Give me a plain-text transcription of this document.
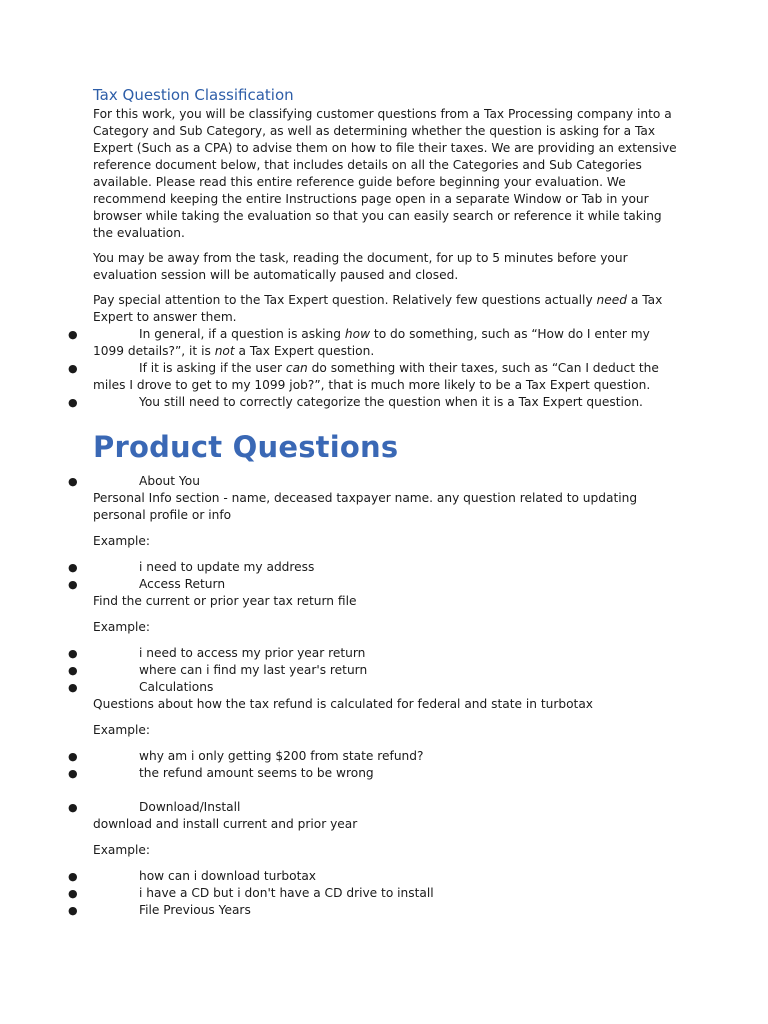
Tax Question Classification

For this work, you will be classifying customer questions from a Tax Processing company into a Category and Sub Category, as well as determining whether the question is asking for a Tax Expert (Such as a CPA) to advise them on how to file their taxes. We are providing an extensive reference document below, that includes details on all the Categories and Sub Categories available. Please read this entire reference guide before beginning your evaluation. We recommend keeping the entire Instructions page open in a separate Window or Tab in your browser while taking the evaluation so that you can easily search or reference it while taking the evaluation.

You may be away from the task, reading the document, for up to 5 minutes before your evaluation session will be automatically paused and closed.

Pay special attention to the Tax Expert question. Relatively few questions actually need a Tax Expert to answer them.

●	In general, if a question is asking how to do something, such as “How do I enter my 1099 details?”, it is not a Tax Expert question.
●	If it is asking if the user can do something with their taxes, such as “Can I deduct the miles I drove to get to my 1099 job?”, that is much more likely to be a Tax Expert question.
●	You still need to correctly categorize the question when it is a Tax Expert question.
Product Questions
●	About You
Personal Info section - name, deceased taxpayer name. any question related to updating personal profile or info
Example:
●	i need to update my address
●	Access Return
Find the current or prior year tax return file
Example:
●	i need to access my prior year return
●	where can i find my last year's return
●	Calculations
Questions about how the tax refund is calculated for federal and state in turbotax
Example:
●	why am i only getting $200 from state refund?
●	the refund amount seems to be wrong
●	Download/Install
download and install current and prior year
Example:
●	how can i download turbotax
●	i have a CD but i don't have a CD drive to install
●	File Previous Years
